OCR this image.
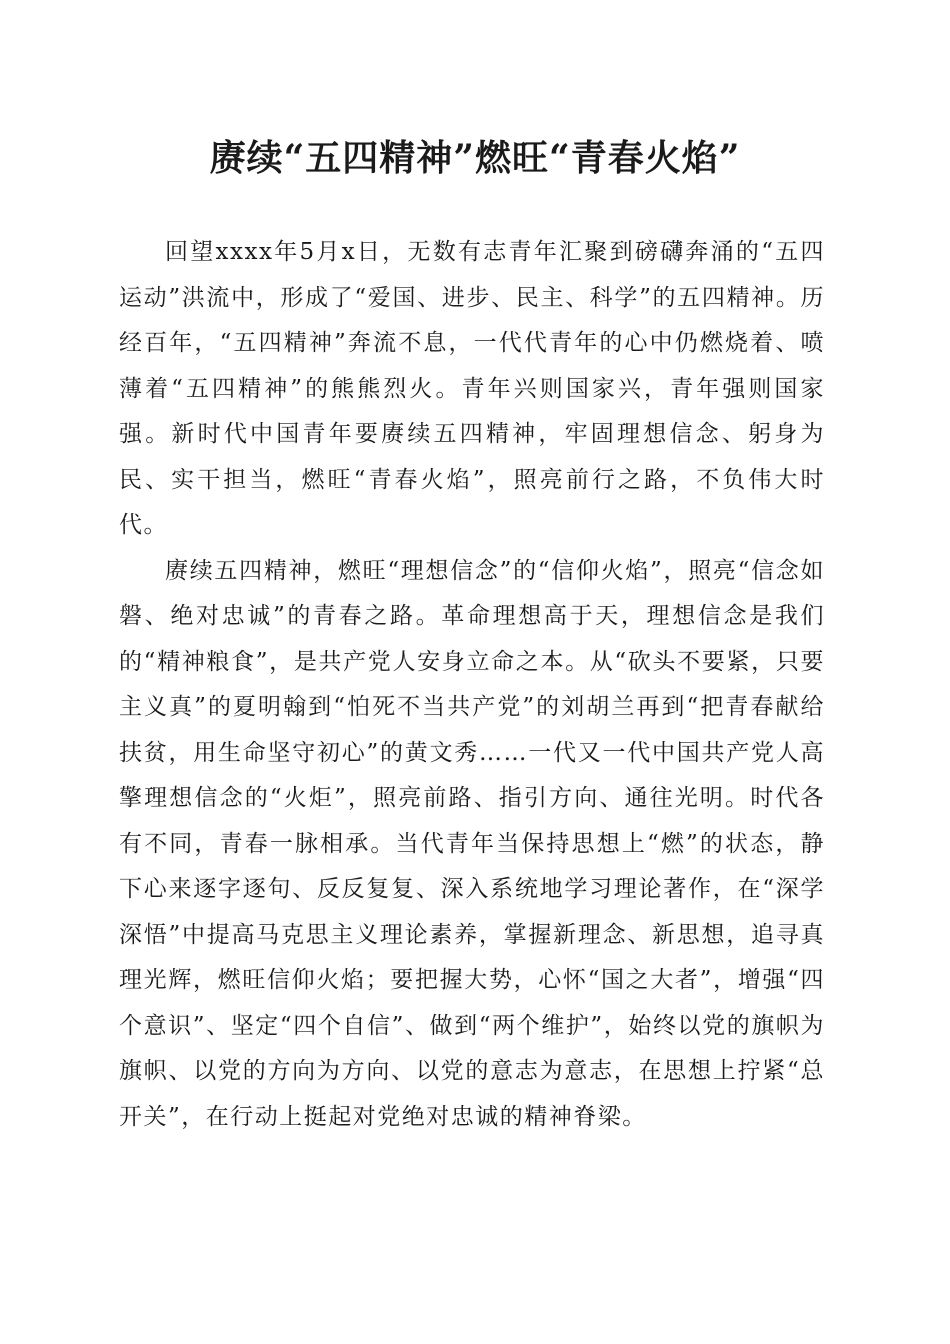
赓续“五四精神”燃旺“青春火焰”

回望xxxx年5月x日，无数有志青年汇聚到磅礴奔涌的“五四运动”洪流中，形成了“爱国、进步、民主、科学”的五四精神。历经百年，“五四精神”奔流不息，一代代青年的心中仍燃烧着、喷薄着“五四精神”的熊熊烈火。青年兴则国家兴，青年强则国家强。新时代中国青年要赓续五四精神，牢固理想信念、躬身为民、实干担当，燃旺“青春火焰”，照亮前行之路，不负伟大时代。

赓续五四精神，燃旺“理想信念”的“信仰火焰”，照亮“信念如磐、绝对忠诚”的青春之路。革命理想高于天，理想信念是我们的“精神粮食”，是共产党人安身立命之本。从“砍头不要紧，只要主义真”的夏明翰到“怕死不当共产党”的刘胡兰再到“把青春献给扶贫，用生命坚守初心”的黄文秀……一代又一代中国共产党人高擎理想信念的“火炬”，照亮前路、指引方向、通往光明。时代各有不同，青春一脉相承。当代青年当保持思想上“燃”的状态，静下心来逐字逐句、反反复复、深入系统地学习理论著作，在“深学深悟”中提高马克思主义理论素养，掌握新理念、新思想，追寻真理光辉，燃旺信仰火焰；要把握大势，心怀“国之大者”，增强“四个意识”、坚定“四个自信”、做到“两个维护”，始终以党的旗帜为旗帜、以党的方向为方向、以党的意志为意志，在思想上拧紧“总开关”，在行动上挺起对党绝对忠诚的精神脊梁。
